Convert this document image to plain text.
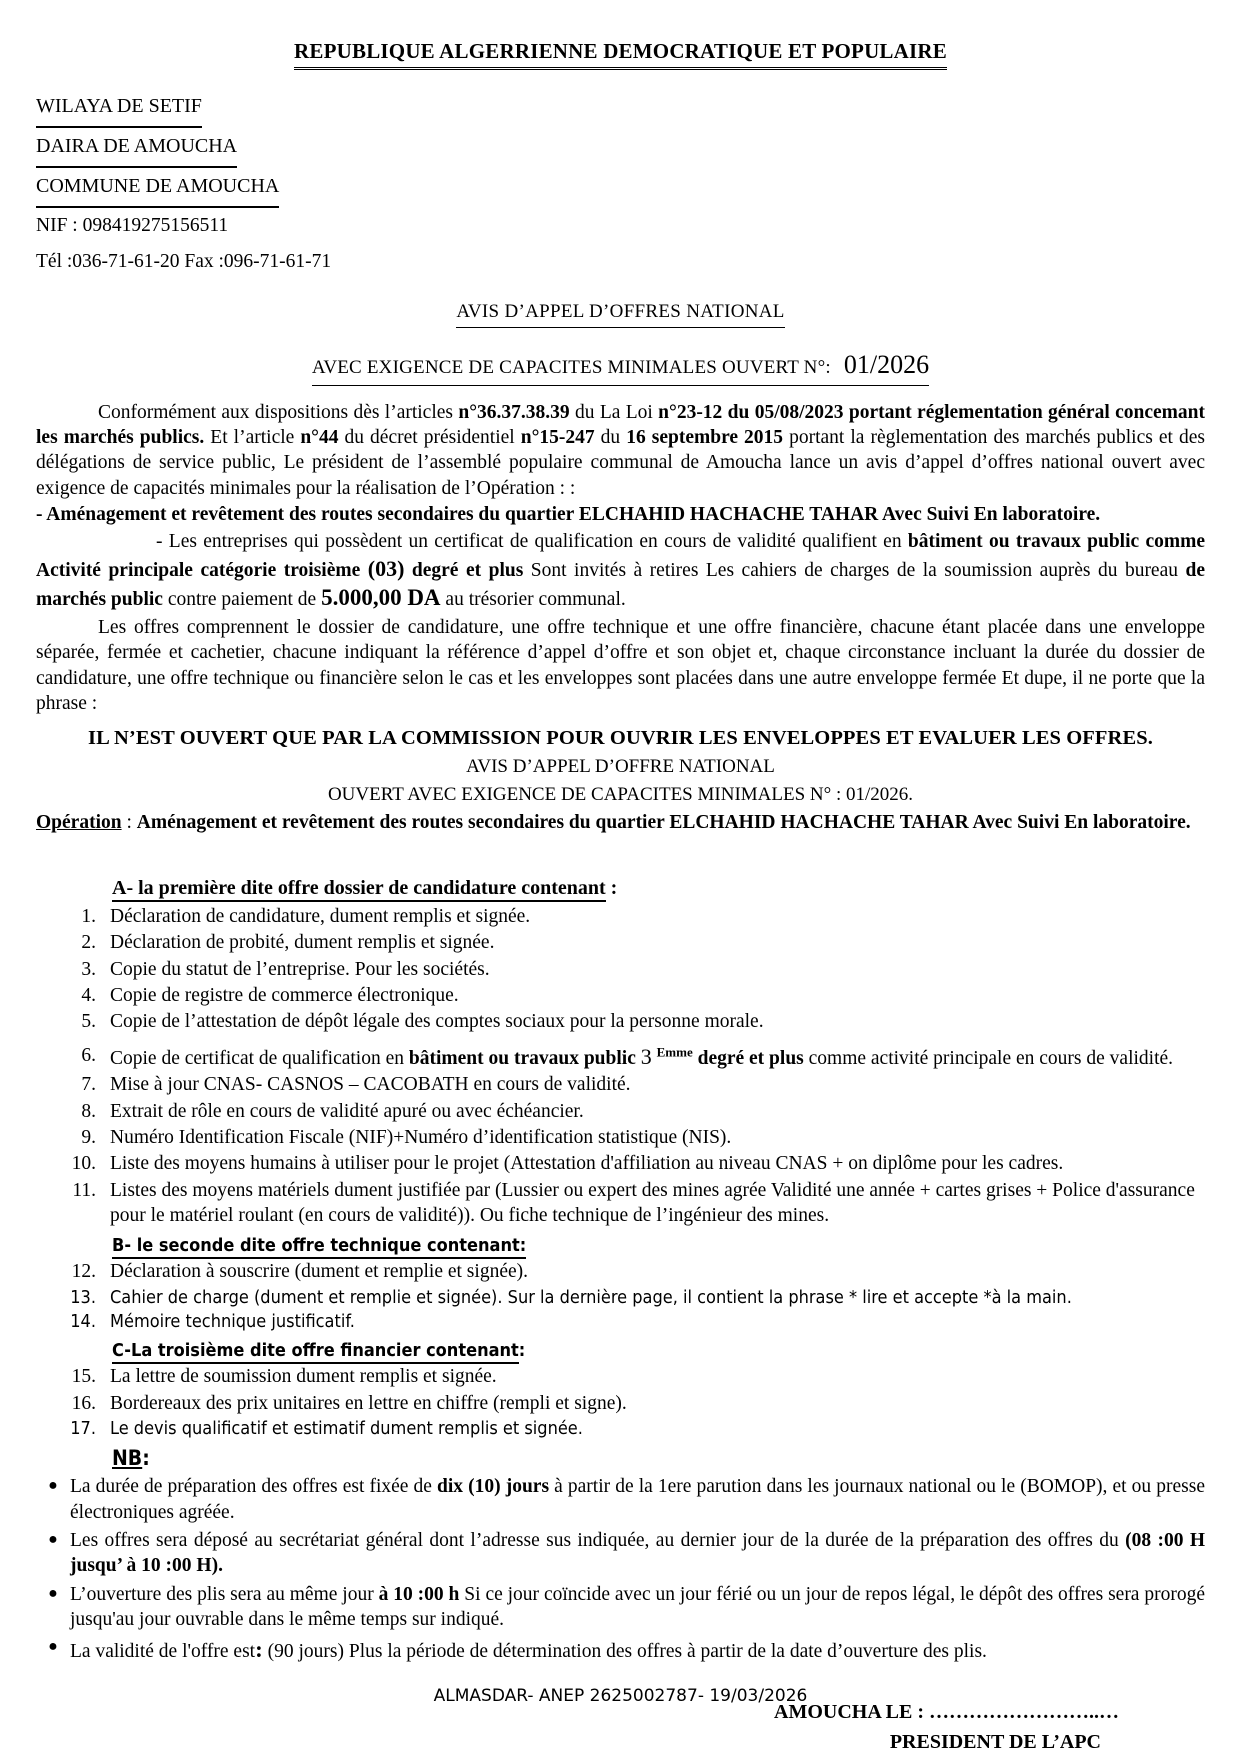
REPUBLIQUE ALGERRIENNE DEMOCRATIQUE ET POPULAIRE
WILAYA DE SETIF
DAIRA DE AMOUCHA
COMMUNE DE AMOUCHA
NIF : 098419275156511
Tél :036-71-61-20 Fax :096-71-61-71
AVIS D’APPEL D’OFFRES NATIONAL
AVEC EXIGENCE DE CAPACITES MINIMALES OUVERT N°: 01/2026
Conformément aux dispositions dès l’articles n°36.37.38.39 du La Loi n°23-12 du 05/08/2023 portant réglementation général concemant les marchés publics. Et l’article n°44 du décret présidentiel n°15-247 du 16 septembre 2015 portant la règlementation des marchés publics et des délégations de service public, Le président de l’assemblé populaire communal de Amoucha lance un avis d’appel d’offres national ouvert avec exigence de capacités minimales pour la réalisation de l’Opération : :
- Aménagement et revêtement des routes secondaires du quartier ELCHAHID HACHACHE TAHAR Avec Suivi En laboratoire.
- Les entreprises qui possèdent un certificat de qualification en cours de validité qualifient en bâtiment ou travaux public comme Activité principale catégorie troisième (03) degré et plus Sont invités à retires Les cahiers de charges de la soumission auprès du bureau de marchés public contre paiement de 5.000,00 DA au trésorier communal.
Les offres comprennent le dossier de candidature, une offre technique et une offre financière, chacune étant placée dans une enveloppe séparée, fermée et cachetier, chacune indiquant la référence d’appel d’offre et son objet et, chaque circonstance incluant la durée du dossier de candidature, une offre technique ou financière selon le cas et les enveloppes sont placées dans une autre enveloppe fermée Et dupe, il ne porte que la phrase :
IL N’EST OUVERT QUE PAR LA COMMISSION POUR OUVRIR LES ENVELOPPES ET EVALUER LES OFFRES.
AVIS D’APPEL D’OFFRE NATIONAL
OUVERT AVEC EXIGENCE DE CAPACITES MINIMALES N° : 01/2026.
Opération : Aménagement et revêtement des routes secondaires du quartier ELCHAHID HACHACHE TAHAR Avec Suivi En laboratoire.
A- la première dite offre dossier de candidature contenant :
1. Déclaration de candidature, dument remplis et signée.
2. Déclaration de probité, dument remplis et signée.
3. Copie du statut de l’entreprise. Pour les sociétés.
4. Copie de registre de commerce électronique.
5. Copie de l’attestation de dépôt légale des comptes sociaux pour la personne morale.
6. Copie de certificat de qualification en bâtiment ou travaux public 3 $^{Emme}$ degré et plus comme activité principale en cours de validité.
7. Mise à jour CNAS- CASNOS – CACOBATH en cours de validité.
8. Extrait de rôle en cours de validité apuré ou avec échéancier.
9. Numéro Identification Fiscale (NIF)+Numéro d’identification statistique (NIS).
10. Liste des moyens humains à utiliser pour le projet (Attestation d'affiliation au niveau CNAS + on diplôme pour les cadres.
11. Listes des moyens matériels dument justifiée par (Lussier ou expert des mines agrée Validité une année + cartes grises + Police d'assurance pour le matériel roulant (en cours de validité)). Ou fiche technique de l’ingénieur des mines.
B- le seconde dite offre technique contenant:
12. Déclaration à souscrire (dument et remplie et signée).
13. Cahier de charge (dument et remplie et signée). Sur la dernière page, il contient la phrase * lire et accepte *à la main.
14. Mémoire technique justificatif.
C-La troisième dite offre financier contenant:
15. La lettre de soumission dument remplis et signée.
16. Bordereaux des prix unitaires en lettre en chiffre (rempli et signe).
17. Le devis qualificatif et estimatif dument remplis et signée.
NB:
● La durée de préparation des offres est fixée de dix (10) jours à partir de la 1ere parution dans les journaux national ou le (BOMOP), et ou presse électroniques agréée.
● Les offres sera déposé au secrétariat général dont l’adresse sus indiquée, au dernier jour de la durée de la préparation des offres du (08 :00 H jusqu’ à 10 :00 H).
● L’ouverture des plis sera au même jour à 10 :00 h Si ce jour coïncide avec un jour férié ou un jour de repos légal, le dépôt des offres sera prorogé jusqu'au jour ouvrable dans le même temps sur indiqué.
● La validité de l'offre est: (90 jours) Plus la période de détermination des offres à partir de la date d’ouverture des plis.
AMOUCHA LE : ……………………..…
PRESIDENT DE L’APC
ALMASDAR- ANEP 2625002787- 19/03/2026
